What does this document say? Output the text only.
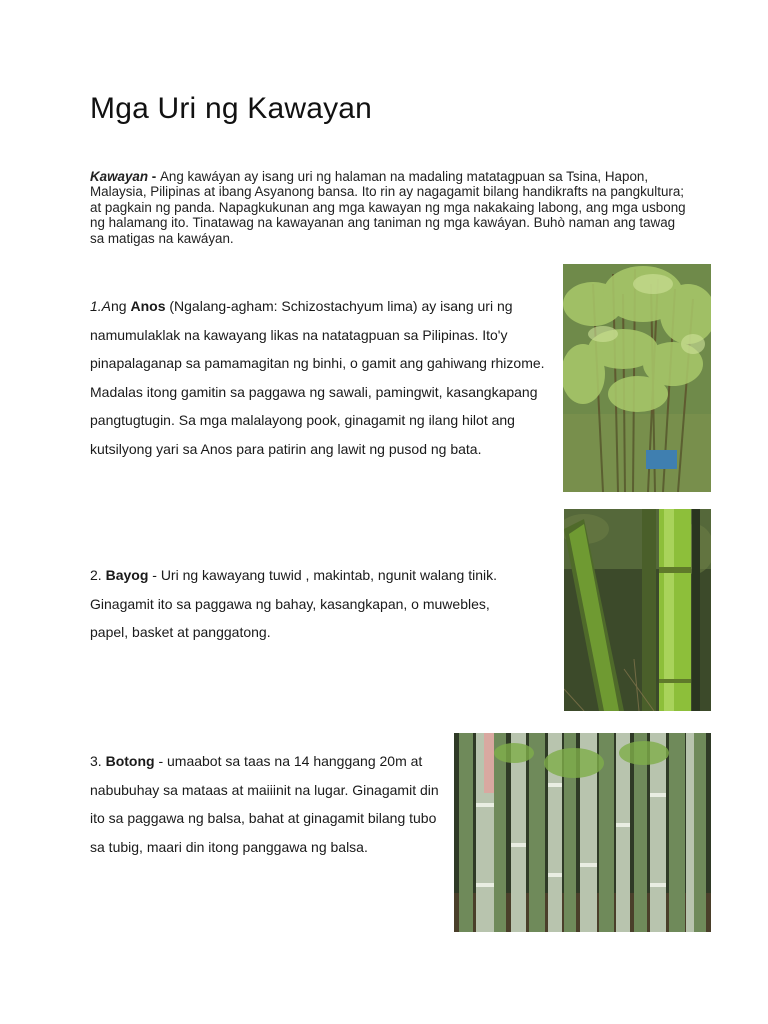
Mga Uri ng Kawayan

Kawayan - Ang kawáyan ay isang uri ng halaman na madaling matatagpuan sa Tsina, Hapon, Malaysia, Pilipinas at ibang Asyanong bansa. Ito rin ay nagagamit bilang handikrafts na pangkultura; at pagkain ng panda. Napagkukunan ang mga kawayan ng mga nakakaing labong, ang mga usbong ng halamang ito. Tinatawag na kawayanan ang taniman ng mga kawáyan. Buhò naman ang tawag sa matigas na kawáyan.

1.Ang Anos (Ngalang-agham: Schizostachyum lima) ay isang uri ng namumulaklak na kawayang likas na natatagpuan sa Pilipinas. Ito'y pinapalaganap sa pamamagitan ng binhi, o gamit ang gahiwang rhizome. Madalas itong gamitin sa paggawa ng sawali, pamingwit, kasangkapang pangtugtugin. Sa mga malalayong pook, ginagamit ng ilang hilot ang kutsilyong yari sa Anos para patirin ang lawit ng pusod ng bata.

2. Bayog - Uri ng kawayang tuwid , makintab, ngunit walang tinik. Ginagamit ito sa paggawa ng bahay, kasangkapan, o muwebles, papel, basket at panggatong.

3. Botong - umaabot sa taas na 14 hanggang 20m at nabubuhay sa mataas at maiiinit na lugar. Ginagamit din ito sa paggawa ng balsa, bahat at ginagamit bilang tubo sa tubig, maari din itong panggawa ng balsa.
